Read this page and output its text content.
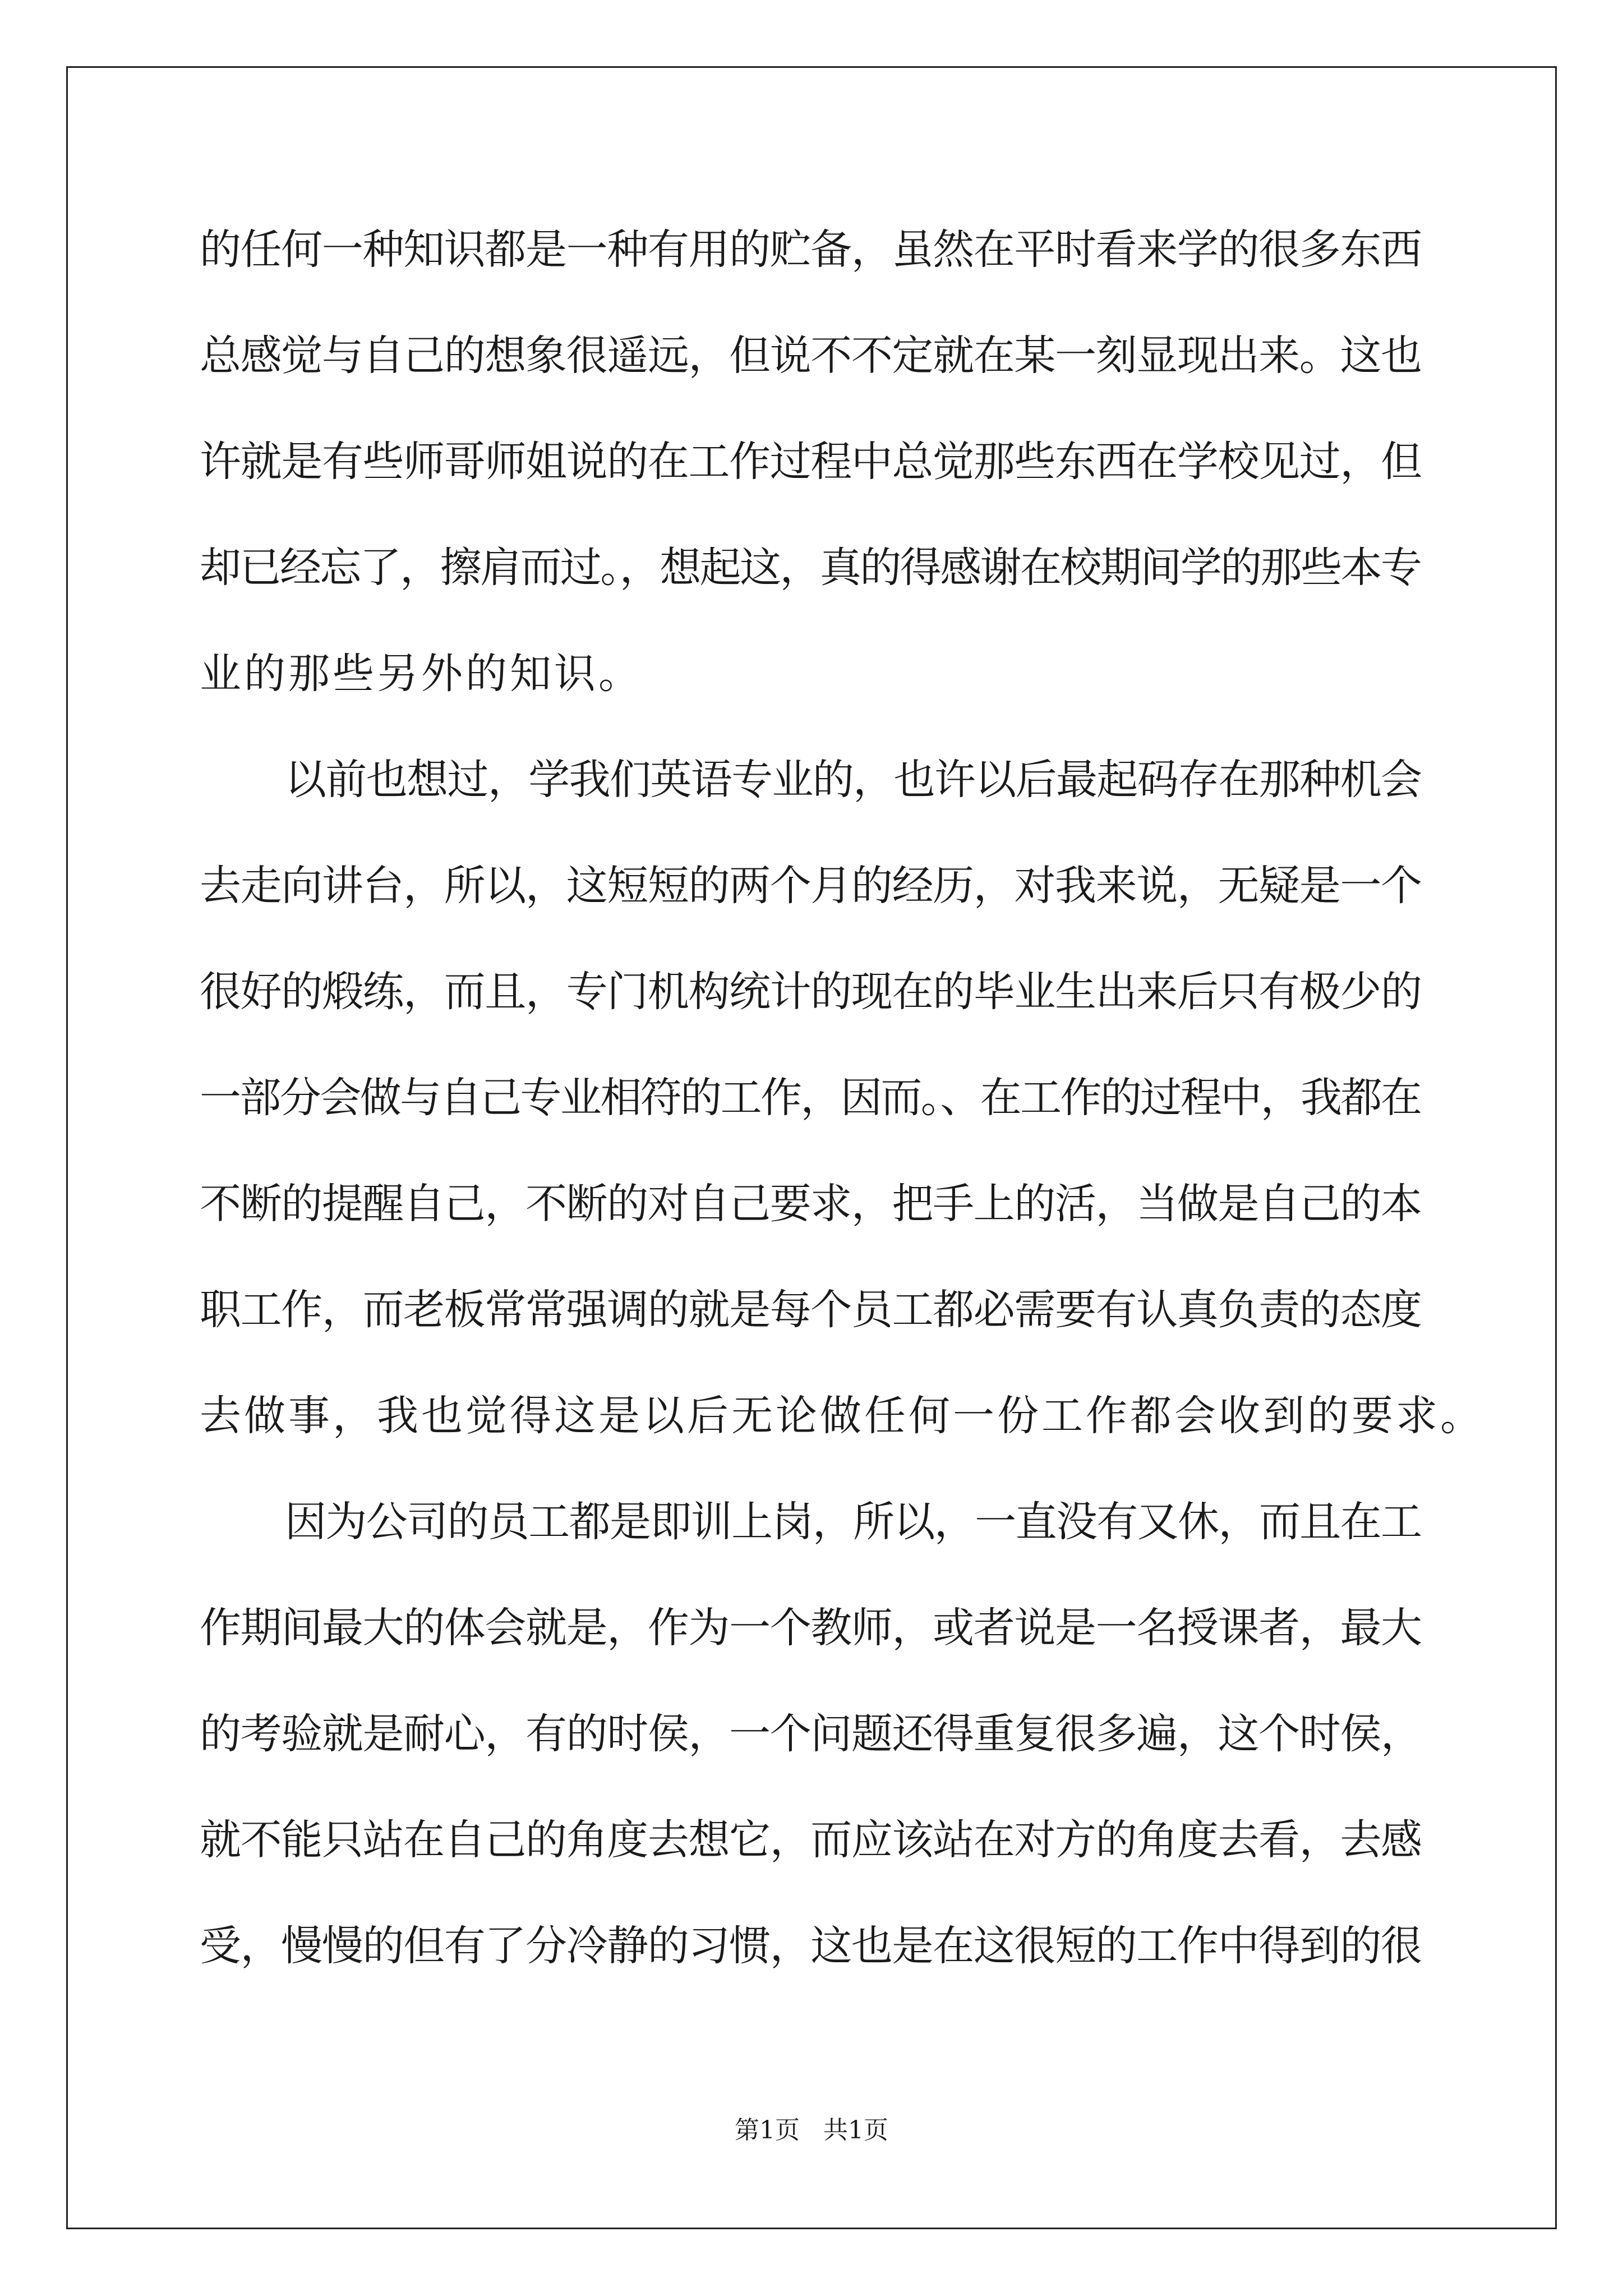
的任何一种知识都是一种有用的贮备，虽然在平时看来学的很多东西
总感觉与自己的想象很遥远，但说不不定就在某一刻显现出来。这也
许就是有些师哥师姐说的在工作过程中总觉那些东西在学校见过，但
却已经忘了，擦肩而过。，想起这，真的得感谢在校期间学的那些本专
业的那些另外的知识。
以前也想过，学我们英语专业的，也许以后最起码存在那种机会
去走向讲台，所以，这短短的两个月的经历，对我来说，无疑是一个
很好的煅练，而且，专门机构统计的现在的毕业生出来后只有极少的
一部分会做与自己专业相符的工作，因而。、在工作的过程中，我都在
不断的提醒自己，不断的对自己要求，把手上的活，当做是自己的本
职工作，而老板常常强调的就是每个员工都必需要有认真负责的态度
去做事，我也觉得这是以后无论做任何一份工作都会收到的要求。
因为公司的员工都是即训上岗，所以，一直没有又休，而且在工
作期间最大的体会就是，作为一个教师，或者说是一名授课者，最大
的考验就是耐心，有的时侯，一个问题还得重复很多遍，这个时侯，
就不能只站在自己的角度去想它，而应该站在对方的角度去看，去感
受，慢慢的但有了分冷静的习惯，这也是在这很短的工作中得到的很
第1页 共1页
